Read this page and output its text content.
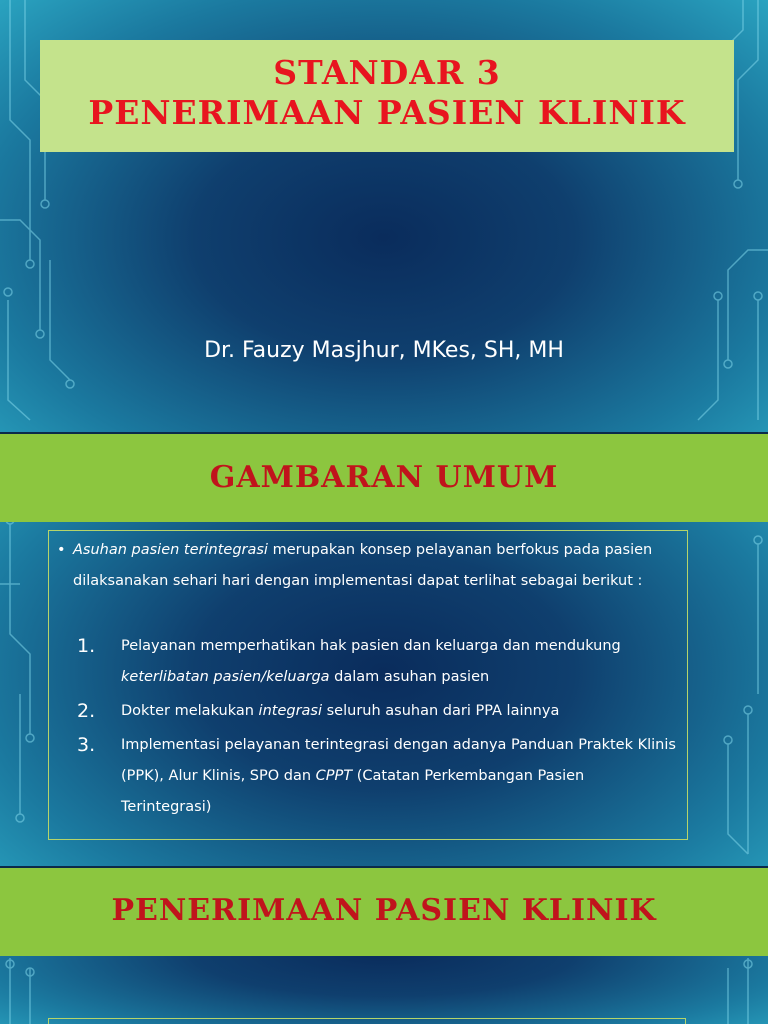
STANDAR 3
PENERIMAAN PASIEN KLINIK
Dr. Fauzy Masjhur, MKes, SH, MH
GAMBARAN UMUM
• Asuhan pasien terintegrasi merupakan konsep pelayanan berfokus pada pasien dilaksanakan sehari hari dengan implementasi dapat terlihat sebagai berikut :
1. Pelayanan memperhatikan hak pasien dan keluarga dan mendukung keterlibatan pasien/keluarga dalam asuhan pasien
2. Dokter melakukan integrasi seluruh asuhan dari PPA lainnya
3. Implementasi pelayanan terintegrasi dengan adanya Panduan Praktek Klinis (PPK), Alur Klinis, SPO dan CPPT (Catatan Perkembangan Pasien Terintegrasi)
PENERIMAAN PASIEN KLINIK
